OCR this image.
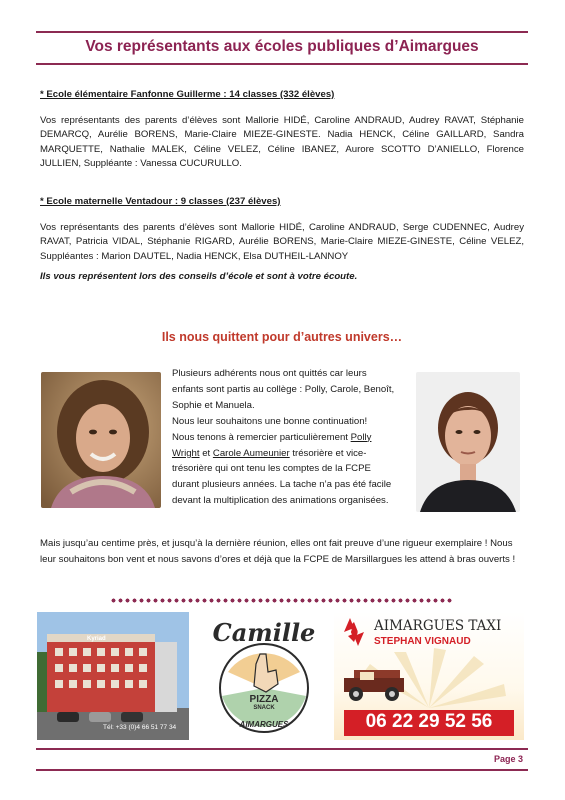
Vos représentants aux écoles publiques d’Aimargues
* Ecole élémentaire Fanfonne Guillerme : 14 classes (332 élèves)
Vos représentants des parents d’élèves sont Mallorie HIDÉ, Caroline ANDRAUD, Audrey RAVAT, Stéphanie DEMARCQ, Aurélie BORENS, Marie-Claire MIEZE-GINESTE. Nadia HENCK, Céline GAILLARD, Sandra MARQUETTE, Nathalie MALEK, Céline VELEZ, Céline IBANEZ, Aurore SCOTTO D’ANIELLO, Florence JULLIEN, Suppléante : Vanessa CUCURULLO.
* Ecole maternelle Ventadour : 9 classes (237 élèves)
Vos représentants des parents d’élèves sont Mallorie HIDÉ, Caroline ANDRAUD, Serge CUDENNEC, Audrey RAVAT, Patricia VIDAL, Stéphanie RIGARD, Aurélie BORENS, Marie-Claire MIEZE-GINESTE, Céline VELEZ, Suppléantes : Marion DAUTEL, Nadia HENCK, Elsa DUTHEIL-LANNOY
Ils vous représentent lors des conseils d’école et sont à votre écoute.
Ils nous quittent pour d’autres univers…

Plusieurs adhérents nous ont quittés car leurs enfants sont partis au collège : Polly, Carole, Benoît, Sophie et Manuela.

Nous leur souhaitons une bonne continuation!

Nous tenons à remercier particulièrement Polly Wright et Carole Aumeunier trésorière et vice-trésorière qui ont tenu les comptes de la FCPE durant plusieurs années. La tache n’a pas été facile devant la multiplication des animations organisées.

Mais jusqu’au centime près, et jusqu’à la dernière réunion, elles ont fait preuve d’une rigueur exemplaire ! Nous leur souhaitons bon vent et nous savons d’ores et déjà que la FCPE de Marsillargues les attend à bras ouverts !
Kyriad
Tél: +33 (0)4 66 51 77 34
Camille
PIZZA
SNACK
AIMARGUES
AIMARGUES TAXI
STEPHAN VIGNAUD
06 22 29 52 56
Page 3
